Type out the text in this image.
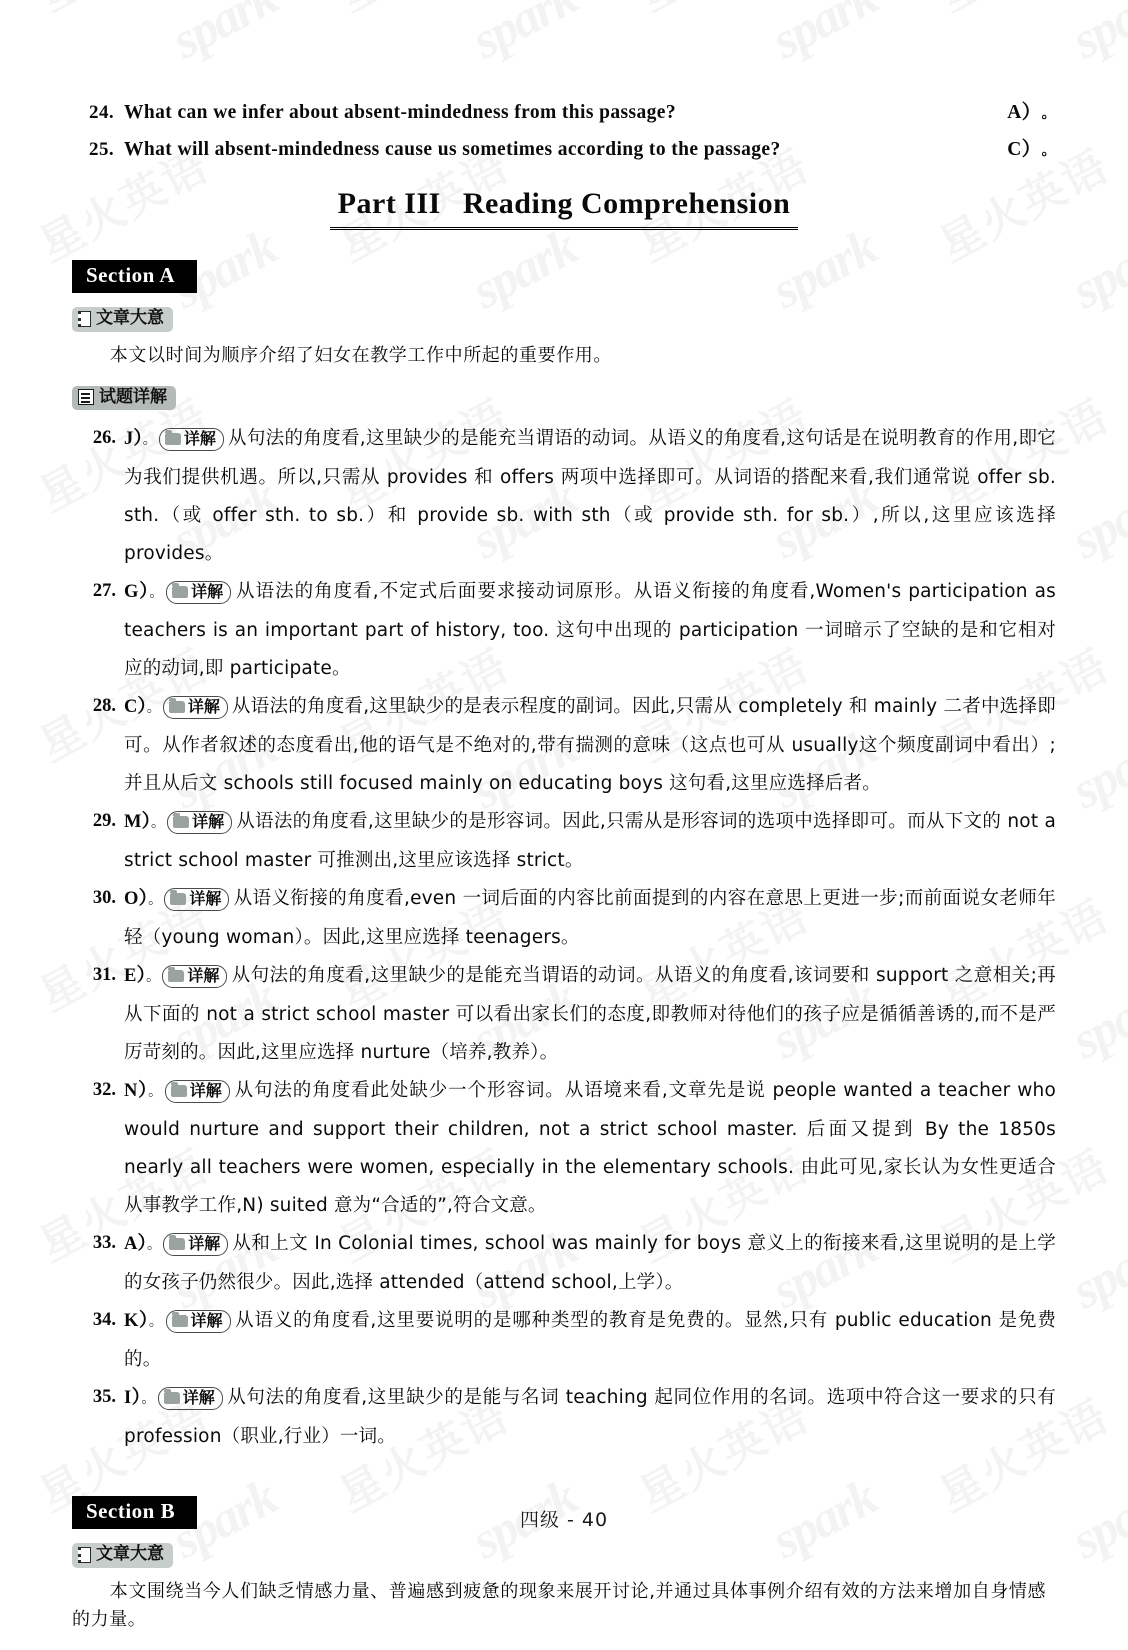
24. What can we infer about absent-mindedness from this passage?	A） 。
25. What will absent-mindedness cause us sometimes according to the passage?	C） 。
Part III Reading Comprehension
Section A
文章大意
本文以时间为顺序介绍了妇女在教学工作中所起的重要作用。
试题详解
26. J）。 详解 从句法的角度看,这里缺少的是能充当谓语的动词。从语义的角度看,这句话是在说明教育的作用,即它为我们提供机遇。所以,只需从 provides 和 offers 两项中选择即可。从词语的搭配来看,我们通常说 offer sb. sth.（或 offer sth. to sb.）和 provide sb. with sth（或 provide sth. for sb.）,所以,这里应该选择 provides。
27. G）。 详解 从语法的角度看,不定式后面要求接动词原形。从语义衔接的角度看,Women's participation as teachers is an important part of history, too. 这句中出现的 participation 一词暗示了空缺的是和它相对应的动词,即 participate。
28. C）。 详解 从语法的角度看,这里缺少的是表示程度的副词。因此,只需从 completely 和 mainly 二者中选择即可。从作者叙述的态度看出,他的语气是不绝对的,带有揣测的意味（这点也可从 usually这个频度副词中看出）;并且从后文 schools still focused mainly on educating boys 这句看,这里应选择后者。
29. M）。 详解 从语法的角度看,这里缺少的是形容词。因此,只需从是形容词的选项中选择即可。而从下文的 not a strict school master 可推测出,这里应该选择 strict。
30. O）。 详解 从语义衔接的角度看,even 一词后面的内容比前面提到的内容在意思上更进一步;而前面说女老师年轻（young woman）。因此,这里应选择 teenagers。
31. E）。 详解 从句法的角度看,这里缺少的是能充当谓语的动词。从语义的角度看,该词要和 support 之意相关;再从下面的 not a strict school master 可以看出家长们的态度,即教师对待他们的孩子应是循循善诱的,而不是严厉苛刻的。因此,这里应选择 nurture（培养,教养）。
32. N）。 详解 从句法的角度看此处缺少一个形容词。从语境来看,文章先是说 people wanted a teacher who would nurture and support their children, not a strict school master. 后面又提到 By the 1850s nearly all teachers were women, especially in the elementary schools. 由此可见,家长认为女性更适合从事教学工作,N) suited 意为“合适的”,符合文意。
33. A）。 详解 从和上文 In Colonial times, school was mainly for boys 意义上的衔接来看,这里说明的是上学的女孩子仍然很少。因此,选择 attended（attend school,上学）。
34. K）。 详解 从语义的角度看,这里要说明的是哪种类型的教育是免费的。显然,只有 public education 是免费的。
35. I）。 详解 从句法的角度看,这里缺少的是能与名词 teaching 起同位作用的名词。选项中符合这一要求的只有 profession（职业,行业）一词。
Section B
文章大意
本文围绕当今人们缺乏情感力量、普遍感到疲惫的现象来展开讨论,并通过具体事例介绍有效的方法来增加自身情感的力量。
四级 - 40
